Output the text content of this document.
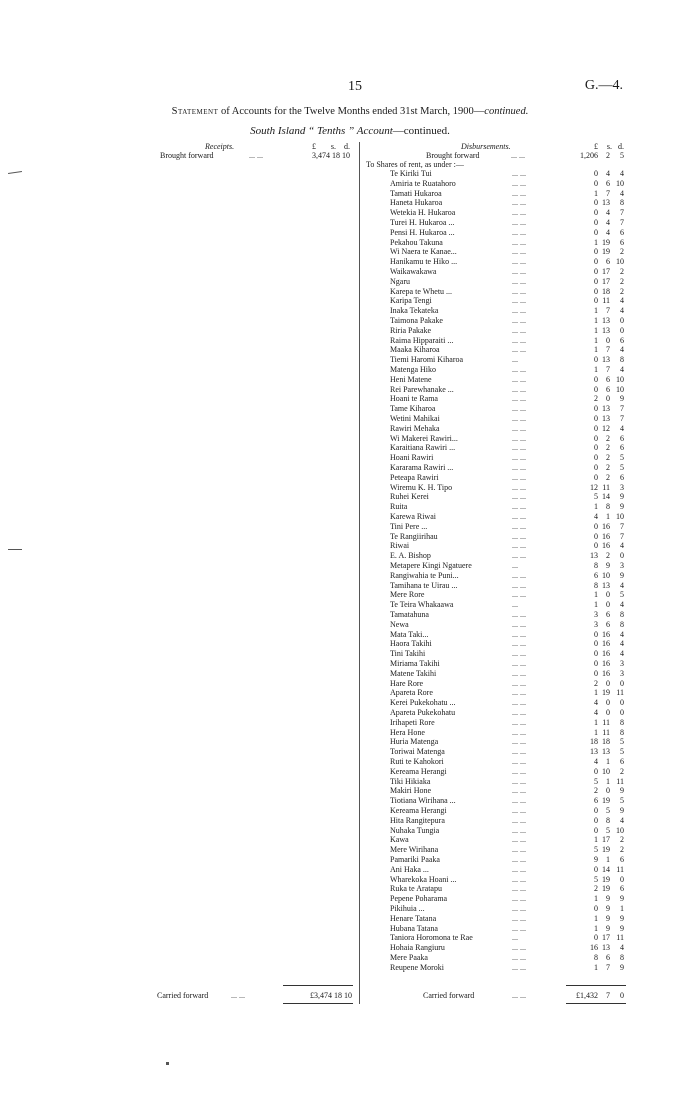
15	G.—4.
Statement of Accounts for the Twelve Months ended 31st March, 1900—continued.
South Island “ Tenths ” Account—continued.
Receipts.	£	s.	d.	Disbursements.	£	s. d.
Brought forward	... ...	3,474 18 10	Brought forward	... ...	1,206	2	5
To Shares of rent, as under :—
Te Kiriki Tui	... ...	0	4	4
Amiria te Ruatahoro	... ...	0	6 10
Tamati Hukaroa	... ...	1	7	4
Haneta Hukaroa	... ...	0 13	8
Wetekia H. Hukaroa	... ...	0	4	7
Turei H. Hukaroa ...	... ...	0	4	7
Pensi H. Hukaroa ...	... ...	0	4	6
Pekahou Takuna	... ...	1 19	6
Wi Naera te Kanae...	... ...	0 19	2
Hanikamu te Hiko ...	... ...	0	6 10
Waikawakawa	... ...	0 17	2
Ngaru	... ...	0 17	2
Karepa te Whetu ...	... ...	0 18	2
Karipa Tengi	... ...	0 11	4
Inaka Tekateka	... ...	1	7	4
Taimona Pakake	... ...	1 13	0
Riria Pakake	... ...	1 13	0
Raima Hipparaiti ...	... ...	1	0	6
Maaka Kiharoa	... ...	1	7	4
Tiemi Haromi Kiharoa	...	0 13	8
Matenga Hiko	... ...	1	7	4
Heni Matene	... ...	0	6 10
Rei Parewhanake ...	... ...	0	6 10
Hoani te Rama	... ...	2	0	9
Tame Kiharoa	... ...	0 13	7
Wetini Mahikai	... ...	0 13	7
Rawiri Mehaka	... ...	0 12	4
Wi Makerei Rawiri...	... ...	0	2	6
Karaitiana Rawiri ...	... ...	0	2	6
Hoani Rawiri	... ...	0	2	5
Kararama Rawiri ...	... ...	0	2	5
Peteapa Rawiri	... ...	0	2	6
Wiremu K. H. Tipo	... ...	12 11	3
Ruhei Kerei	... ...	5 14	9
Ruita	... ...	1	8	9
Karewa Riwai	... ...	4	1 10
Tini Pere ...	... ...	0 16	7
Te Rangiirihau	... ...	0 16	7
Riwai	... ...	0 16	4
E. A. Bishop	... ...	13	2	0
Metapere Kingi Ngatuere	...	8	9	3
Rangiwahia te Puni...	... ...	6 10	9
Tamihana te Uirau ...	... ...	8 13	4
Mere Rore	... ...	1	0	5
Te Teira Whakaawa	...	1	0	4
Tamatahuna	... ...	3	6	8
Newa	... ...	3	6	8
Mata Taki...	... ...	0 16	4
Haora Takihi	... ...	0 16	4
Tini Takihi	... ...	0 16	4
Miriama Takihi	... ...	0 16	3
Matene Takihi	... ...	0 16	3
Hare Rore	... ...	2	0	0
Apareta Rore	... ...	1 19 11
Kerei Pukekohatu ...	... ...	4	0	0
Apareta Pukekohatu	... ...	4	0	0
Irihapeti Rore	... ...	1 11	8
Hera Hone	... ...	1 11	8
Huria Matenga	... ...	18 18	5
Toriwai Matenga	... ...	13 13	5
Ruti te Kahokori	... ...	4	1	6
Kereama Herangi	... ...	0 10	2
Tiki Hikiaka	... ...	5	1 11
Makiri Hone	... ...	2	0	9
Tiotiana Wirihana ...	... ...	6 19	5
Kereama Herangi	... ...	0	5	9
Hita Rangitepura	... ...	0	8	4
Nuhaka Tungia	... ...	0	5 10
Kawa	... ...	1 17	2
Mere Wirihana	... ...	5 19	2
Pamariki Paaka	... ...	9	1	6
Ani Haka ...	... ...	0 14 11
Wharekoka Hoani ...	... ...	5 19	0
Ruka te Aratapu	... ...	2 19	6
Pepene Poharama	... ...	1	9	9
Pikihuia ...	... ...	0	9	1
Henare Tatana	... ...	1	9	9
Hubana Tatana	... ...	1	9	9
Taniora Horomona te Rae	...	0 17 11
Hohaia Rangiuru	... ...	16 13	4
Mere Paaka	... ...	8	6	8
Reupene Moroki	... ...	1	7	9
Carried forward	... ...	£3,474 18 10	Carried forward	... ...	£1,432	7	0
